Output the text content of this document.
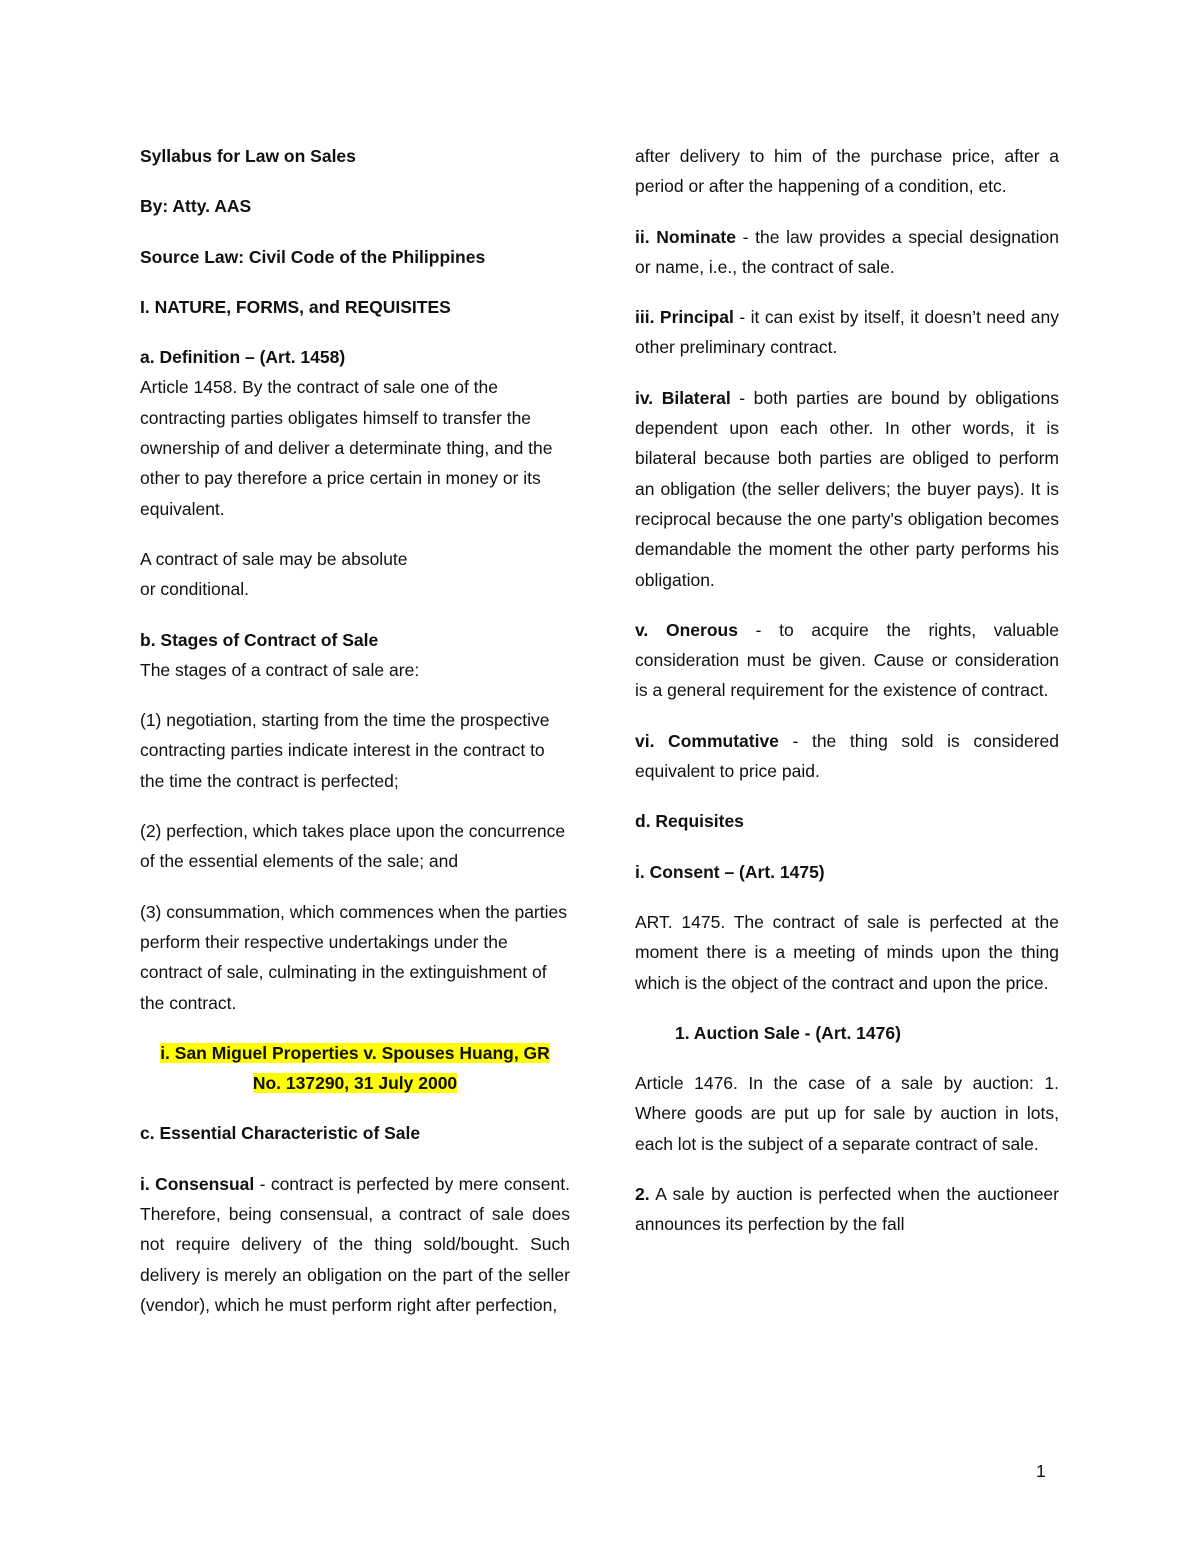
Syllabus for Law on Sales

By: Atty. AAS

Source Law: Civil Code of the Philippines

I. NATURE, FORMS, and REQUISITES

a. Definition – (Art. 1458)

Article 1458. By the contract of sale one of the contracting parties obligates himself to transfer the ownership of and deliver a determinate thing, and the other to pay therefore a price certain in money or its equivalent.

A contract of sale may be absolute

or conditional.

b. Stages of Contract of Sale

The stages of a contract of sale are:

(1) negotiation, starting from the time the prospective contracting parties indicate interest in the contract to the time the contract is perfected;

(2) perfection, which takes place upon the concurrence of the essential elements of the sale; and

(3) consummation, which commences when the parties perform their respective undertakings under the contract of sale, culminating in the extinguishment of the contract.

i. San Miguel Properties v. Spouses Huang, GR
No. 137290, 31 July 2000

c. Essential Characteristic of Sale

i. Consensual - contract is perfected by mere consent. Therefore, being consensual, a contract of sale does not require delivery of the thing sold/bought. Such delivery is merely an obligation on the part of the seller (vendor), which he must perform right after perfection,

after delivery to him of the purchase price, after a period or after the happening of a condition, etc.

ii. Nominate - the law provides a special designation or name, i.e., the contract of sale.

iii. Principal - it can exist by itself, it doesn’t need any other preliminary contract.

iv. Bilateral - both parties are bound by obligations dependent upon each other. In other words, it is bilateral because both parties are obliged to perform an obligation (the seller delivers; the buyer pays). It is reciprocal because the one party's obligation becomes demandable the moment the other party performs his obligation.

v. Onerous - to acquire the rights, valuable consideration must be given. Cause or consideration is a general requirement for the existence of contract.

vi. Commutative - the thing sold is considered equivalent to price paid.

d. Requisites

i. Consent – (Art. 1475)

ART. 1475. The contract of sale is perfected at the moment there is a meeting of minds upon the thing which is the object of the contract and upon the price.

1. Auction Sale - (Art. 1476)

Article 1476. In the case of a sale by auction: 1. Where goods are put up for sale by auction in lots, each lot is the subject of a separate contract of sale.

2. A sale by auction is perfected when the auctioneer announces its perfection by the fall

1
